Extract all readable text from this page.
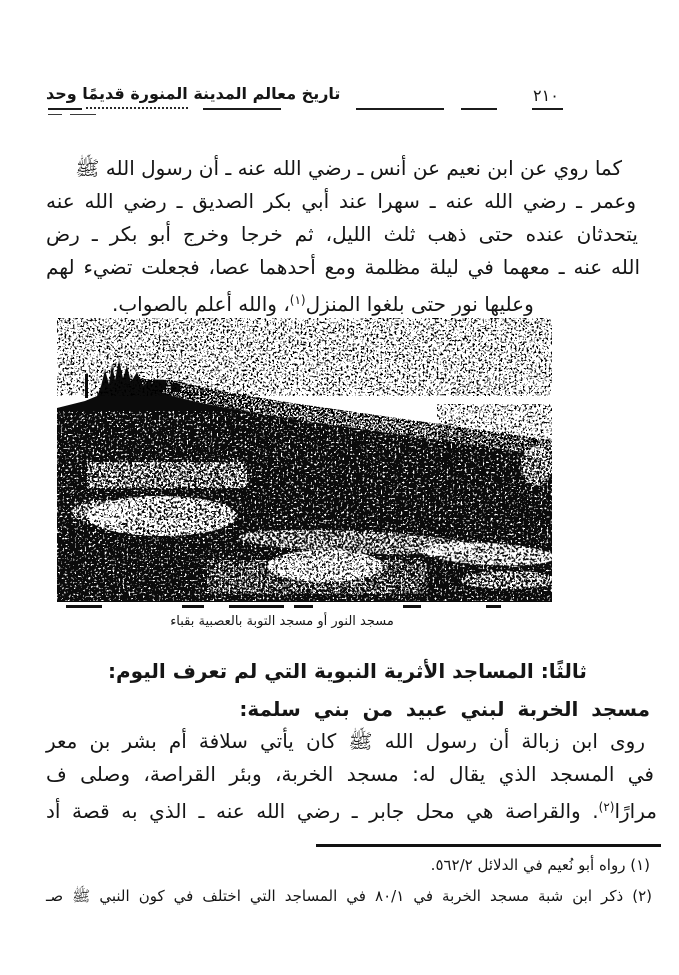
تاريخ معالم المدينة المنورة قديمًا وحد	٢١٠
كما روي عن ابن نعيم عن أنس ـ رضي الله عنه ـ أن رسول الله ﷺ
وعمر ـ رضي الله عنه ـ سهرا عند أبي بكر الصديق ـ رضي الله عنه
يتحدثان عنده حتى ذهب ثلث الليل، ثم خرجا وخرج أبو بكر ـ رض
الله عنه ـ معهما في ليلة مظلمة ومع أحدهما عصا، فجعلت تضيء لهم
وعليها نور حتى بلغوا المنزل$^{(١)}$، والله أعلم بالصواب.
مسجد النور أو مسجد التوبة بالعصبية بقباء
ثالثًا: المساجد الأثرية النبوية التي لم تعرف اليوم:
مسجد الخربة لبني عبيد من بني سلمة:
روى ابن زبالة أن رسول الله ﷺ كان يأتي سلافة أم بشر بن معر
في المسجد الذي يقال له: مسجد الخربة، وبئر القراصة، وصلى ف
مرارًا$^{(٢)}$. والقراصة هي محل جابر ـ رضي الله عنه ـ الذي به قصة أد
(١) رواه أبو نُعيم في الدلائل ٥٦٢/٢.
(٢) ذكر ابن شبة مسجد الخربة في ٨٠/١ في المساجد التي اختلف في كون النبي ﷺ صـ
